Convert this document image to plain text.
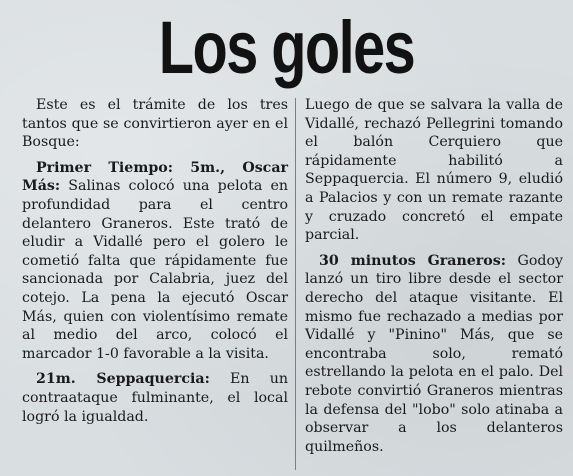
Los goles

Este es el trámite de los tres tantos que se convirtieron ayer en el Bosque:

Primer Tiempo: 5m., Oscar Más: Salinas colocó una pelota en profundidad para el centro delantero Graneros. Este trató de eludir a Vidallé pero el golero le cometió falta que rápidamente fue sancionada por Calabria, juez del cotejo. La pena la ejecutó Oscar Más, quien con violentísimo remate al medio del arco, colocó el marcador 1-0 favorable a la visita.

21m. Seppaquercia: En un contraataque fulminante, el local logró la igualdad.

Luego de que se salvara la valla de Vidallé, rechazó Pellegrini tomando el balón Cerquiero que rápidamente habilitó a Seppaquercia. El número 9, eludió a Palacios y con un remate razante y cruzado concretó el empate parcial.

30 minutos Graneros: Godoy lanzó un tiro libre desde el sector derecho del ataque visitante. El mismo fue rechazado a medias por Vidallé y "Pinino" Más, que se encontraba solo, remató estrellando la pelota en el palo. Del rebote convirtió Graneros mientras la defensa del "lobo" solo atinaba a observar a los delanteros quilmeños.
